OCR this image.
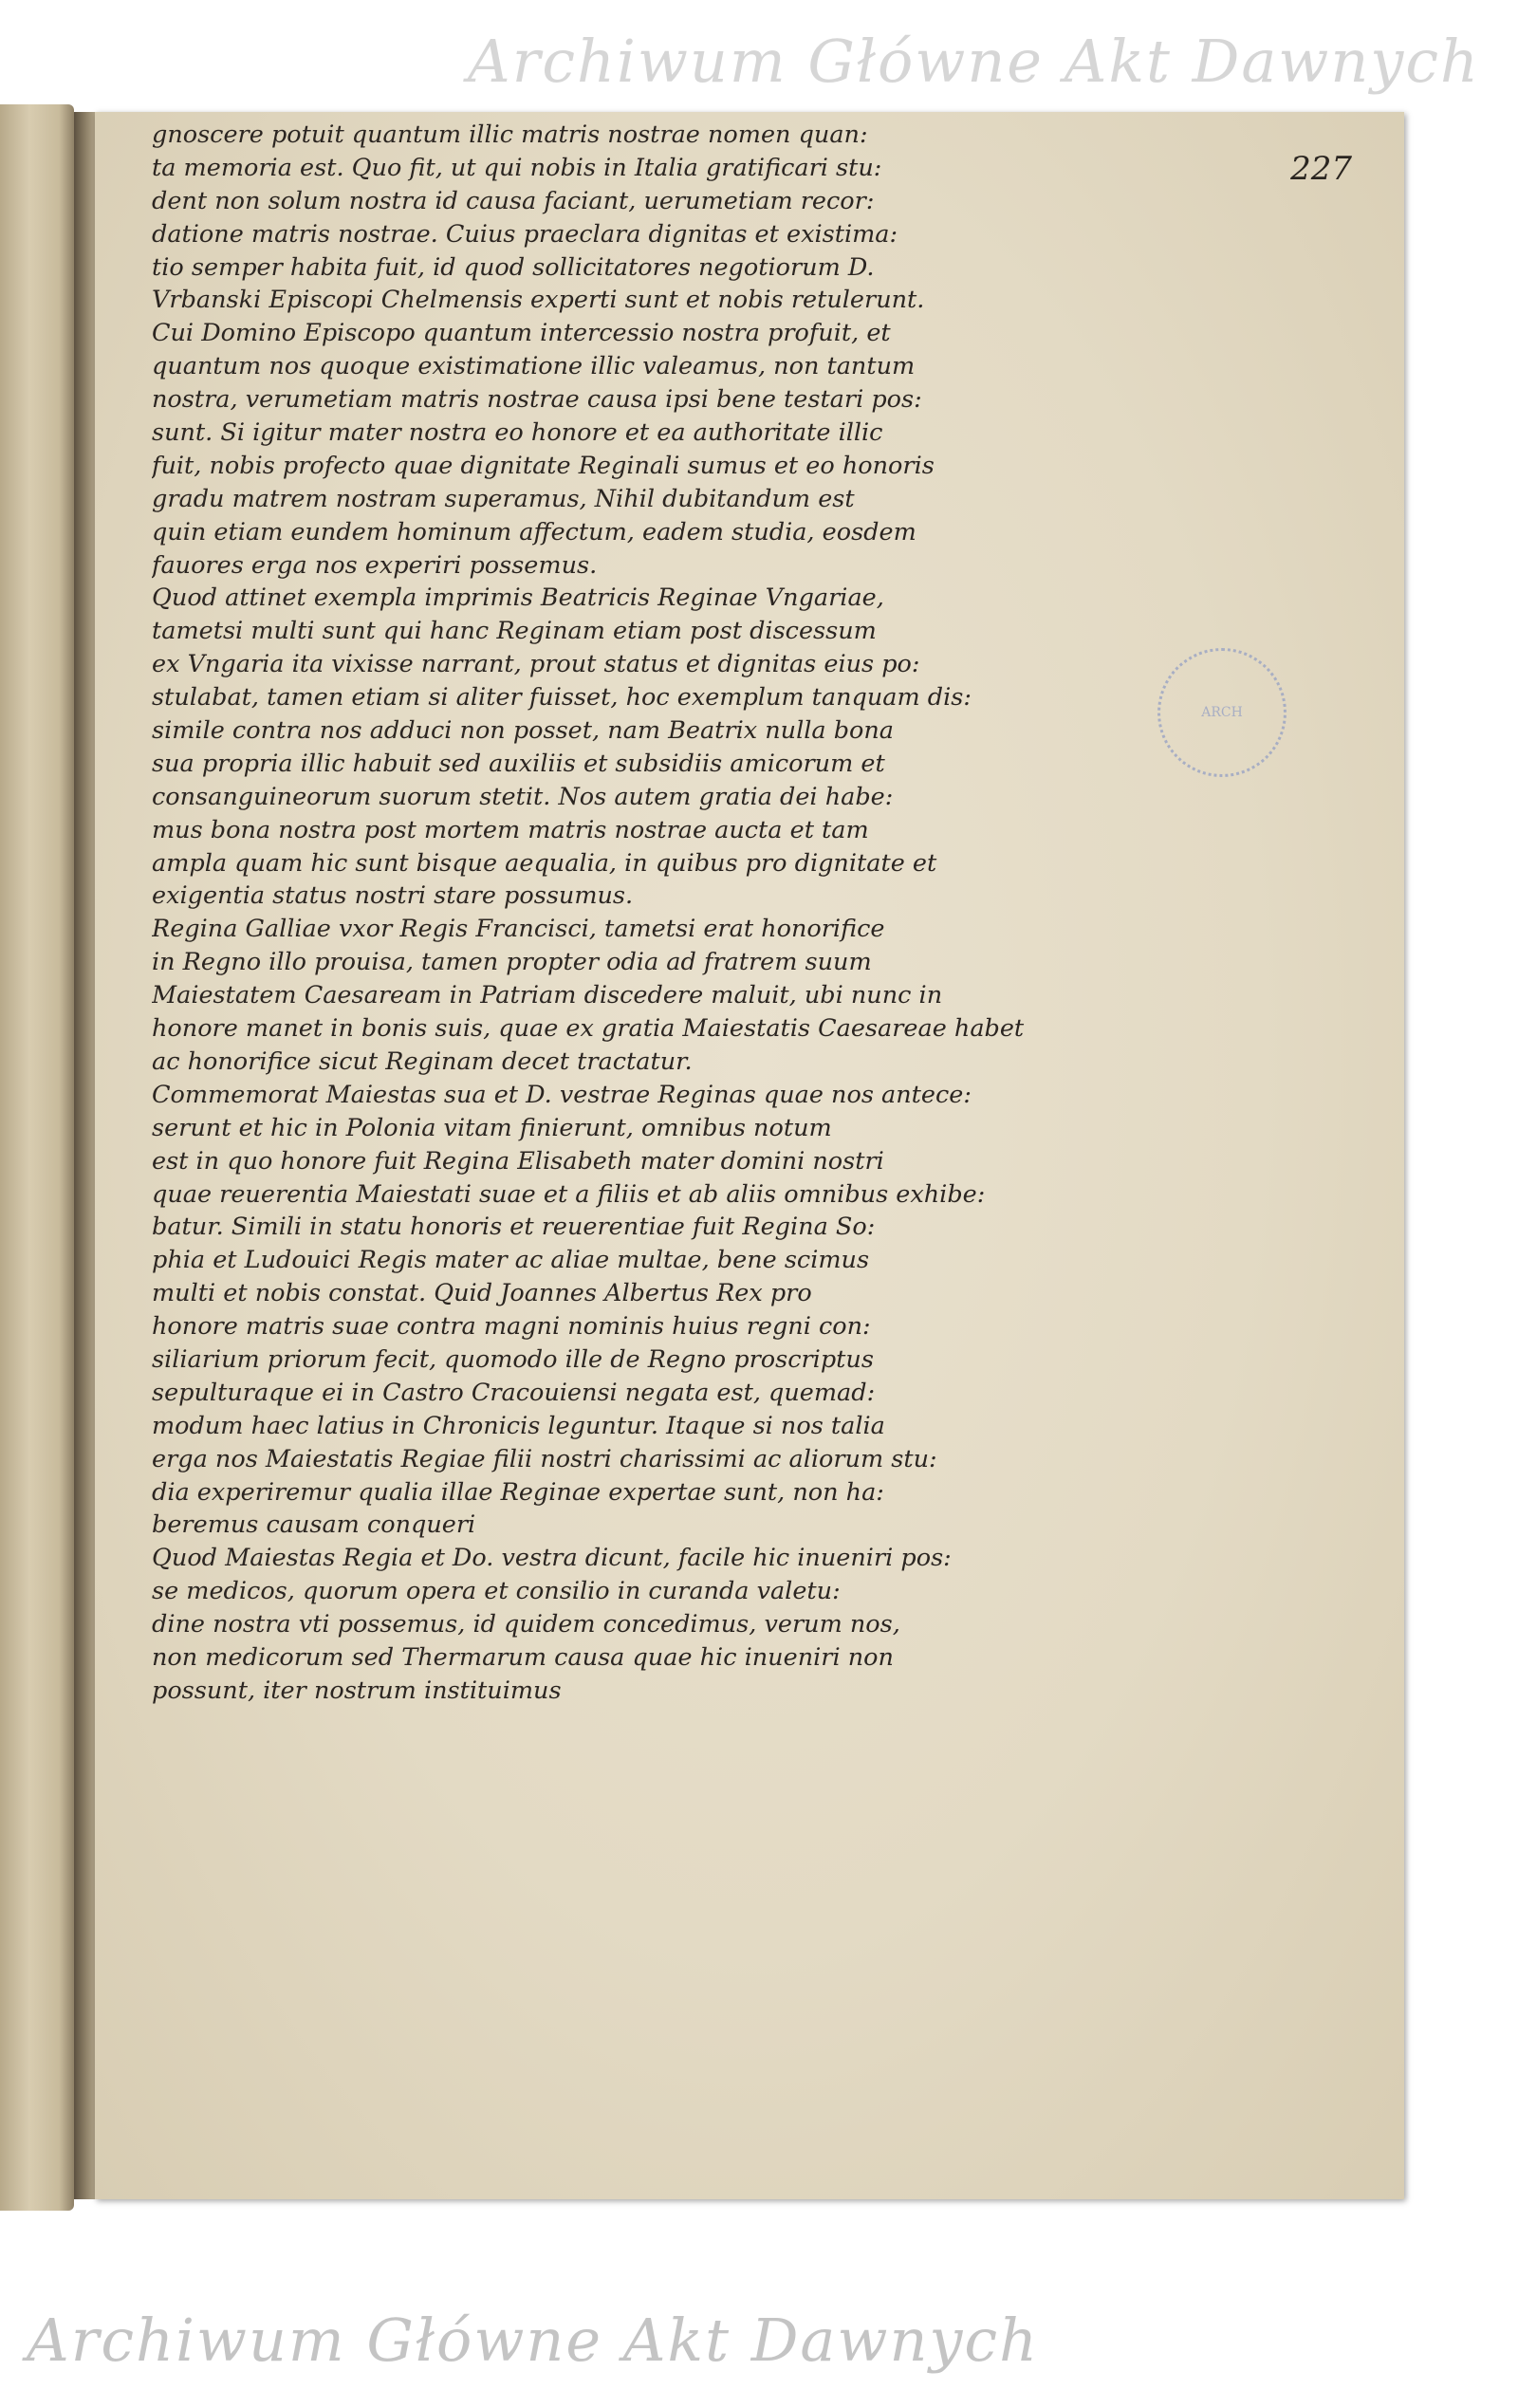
Archiwum Główne Akt Dawnych
227
ARCH
gnoscere potuit quantum illic matris nostrae nomen quan:
ta memoria est. Quo fit, ut qui nobis in Italia gratificari stu:
dent non solum nostra id causa faciant, uerumetiam recor:
datione matris nostrae. Cuius praeclara dignitas et existima:
tio semper habita fuit, id quod sollicitatores negotiorum D.
Vrbanski Episcopi Chelmensis experti sunt et nobis retulerunt.
Cui Domino Episcopo quantum intercessio nostra profuit, et
quantum nos quoque existimatione illic valeamus, non tantum
nostra, verumetiam matris nostrae causa ipsi bene testari pos:
sunt. Si igitur mater nostra eo honore et ea authoritate illic
fuit, nobis profecto quae dignitate Reginali sumus et eo honoris
gradu matrem nostram superamus, Nihil dubitandum est
quin etiam eundem hominum affectum, eadem studia, eosdem
fauores erga nos experiri possemus.
Quod attinet exempla imprimis Beatricis Reginae Vngariae,
tametsi multi sunt qui hanc Reginam etiam post discessum
ex Vngaria ita vixisse narrant, prout status et dignitas eius po:
stulabat, tamen etiam si aliter fuisset, hoc exemplum tanquam dis:
simile contra nos adduci non posset, nam Beatrix nulla bona
sua propria illic habuit sed auxiliis et subsidiis amicorum et
consanguineorum suorum stetit. Nos autem gratia dei habe:
mus bona nostra post mortem matris nostrae aucta et tam
ampla quam hic sunt bisque aequalia, in quibus pro dignitate et
exigentia status nostri stare possumus.
Regina Galliae vxor Regis Francisci, tametsi erat honorifice
in Regno illo prouisa, tamen propter odia ad fratrem suum
Maiestatem Caesaream in Patriam discedere maluit, ubi nunc in
honore manet in bonis suis, quae ex gratia Maiestatis Caesareae habet
ac honorifice sicut Reginam decet tractatur.
Commemorat Maiestas sua et D. vestrae Reginas quae nos antece:
serunt et hic in Polonia vitam finierunt, omnibus notum
est in quo honore fuit Regina Elisabeth mater domini nostri
quae reuerentia Maiestati suae et a filiis et ab aliis omnibus exhibe:
batur. Simili in statu honoris et reuerentiae fuit Regina So:
phia et Ludouici Regis mater ac aliae multae, bene scimus
multi et nobis constat. Quid Joannes Albertus Rex pro
honore matris suae contra magni nominis huius regni con:
siliarium priorum fecit, quomodo ille de Regno proscriptus
sepulturaque ei in Castro Cracouiensi negata est, quemad:
modum haec latius in Chronicis leguntur. Itaque si nos talia
erga nos Maiestatis Regiae filii nostri charissimi ac aliorum stu:
dia experiremur qualia illae Reginae expertae sunt, non ha:
beremus causam conqueri
Quod Maiestas Regia et Do. vestra dicunt, facile hic inueniri pos:
se medicos, quorum opera et consilio in curanda valetu:
dine nostra vti possemus, id quidem concedimus, verum nos,
non medicorum sed Thermarum causa quae hic inueniri non
possunt, iter nostrum instituimus
Archiwum Główne Akt Dawnych
